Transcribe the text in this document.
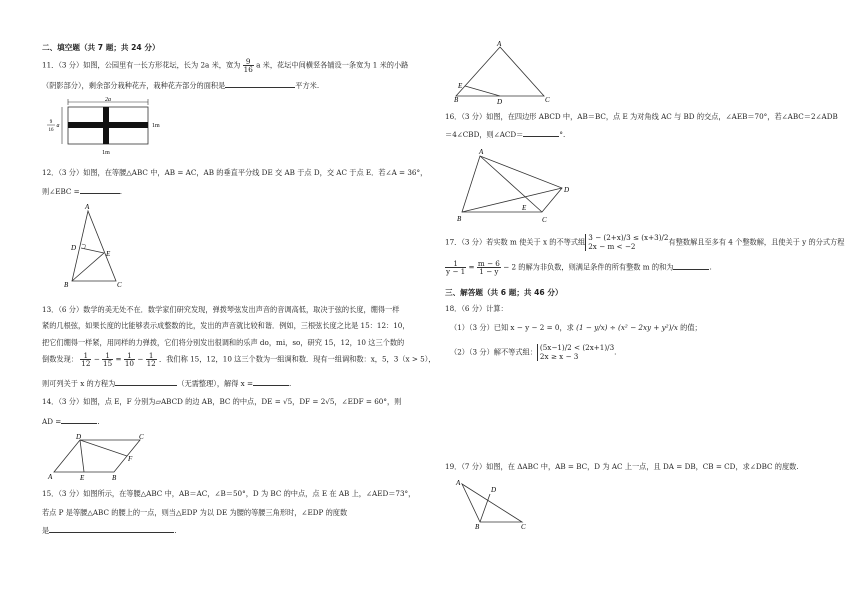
二、填空题（共 7 题；共 24 分）
11．（3 分）如图，公园里有一长方形花坛，长为 2a 米，宽为 $\frac{9}{16}$ a 米，花坛中间横竖各铺设一条宽为 1 米的小路
（阴影部分），剩余部分栽种花卉，栽种花卉部分的面积是	平方米.
2a
9
16
a	1m
1m
12．（3 分）如图，在等腰△ABC 中，AB = AC，AB 的垂直平分线 DE 交 AB 于点 D，交 AC 于点 E．若∠A = 36°，
则∠EBC =	.
A
D
E
B	C
13．（6 分）数学的美无处不在．数学家们研究发现，弹拨琴弦发出声音的音调高低，取决于弦的长度，绷得一样
紧的几根弦，如果长度的比能够表示成整数的比，发出的声音就比较和谐．例如，三根弦长度之比是 15：12：10，
把它们绷得一样紧，用同样的力弹拨，它们将分别发出很调和的乐声 do，mi，so，研究 15，12，10 这三个数的
倒数发现： $\frac{1}{12} - \frac{1}{15} = \frac{1}{10} - \frac{1}{12}$ ．我们称 15，12，10 这三个数为一组调和数．现有一组调和数：x，5，3（x > 5），
则可列关于 x 的方程为	（无需整理），解得 x =	.
14．（3 分）如图，点 E，F 分别为▱ABCD 的边 AB，BC 的中点，DE = √5，DF = 2√5，∠EDF = 60°，则
AD =	.
D	C
F
A	E	B
15．（3 分）如图所示，在等腰△ABC 中，AB＝AC，∠B＝50°，D 为 BC 的中点，点 E 在 AB 上，∠AED＝73°，
若点 P 是等腰△ABC 的腰上的一点，则当△EDP 为以 DE 为腰的等腰三角形时，∠EDP 的度数
是	.
A
E
B	D	C
16．（3 分）如图，在四边形 ABCD 中，AB＝BC，点 E 为对角线 AC 与 BD 的交点，∠AEB＝70°，若∠ABC＝2∠ADB
＝4∠CBD，则∠ACD＝	°.
A
D
E
B	C
17．（3 分）若实数 m 使关于 x 的不等式组3 − (2+x)/3 ≤ (x+3)/2
2x − m < −2	有整数解且至多有 4 个整数解，且使关于 y 的分式方程
$\frac{1}{y - 1} = \frac{m - 6}{1 - y} - 2$ 的解为非负数，则满足条件的所有整数 m 的和为	.
三、解答题（共 6 题；共 46 分）
18．（6 分）计算：
（1）（3 分）已知 x − y − 2 = 0，求 (1 − y/x) ÷ (x² − 2xy + y²)/x 的值；
（2）（3 分）解不等式组：(5x−1)/2 < (2x+1)/3
2x ≥ x − 3	.
19．（7 分）如图，在 ΔABC 中，AB = BC，D 为 AC 上一点，且 DA = DB，CB = CD，求∠DBC 的度数.
A
D
B	C
